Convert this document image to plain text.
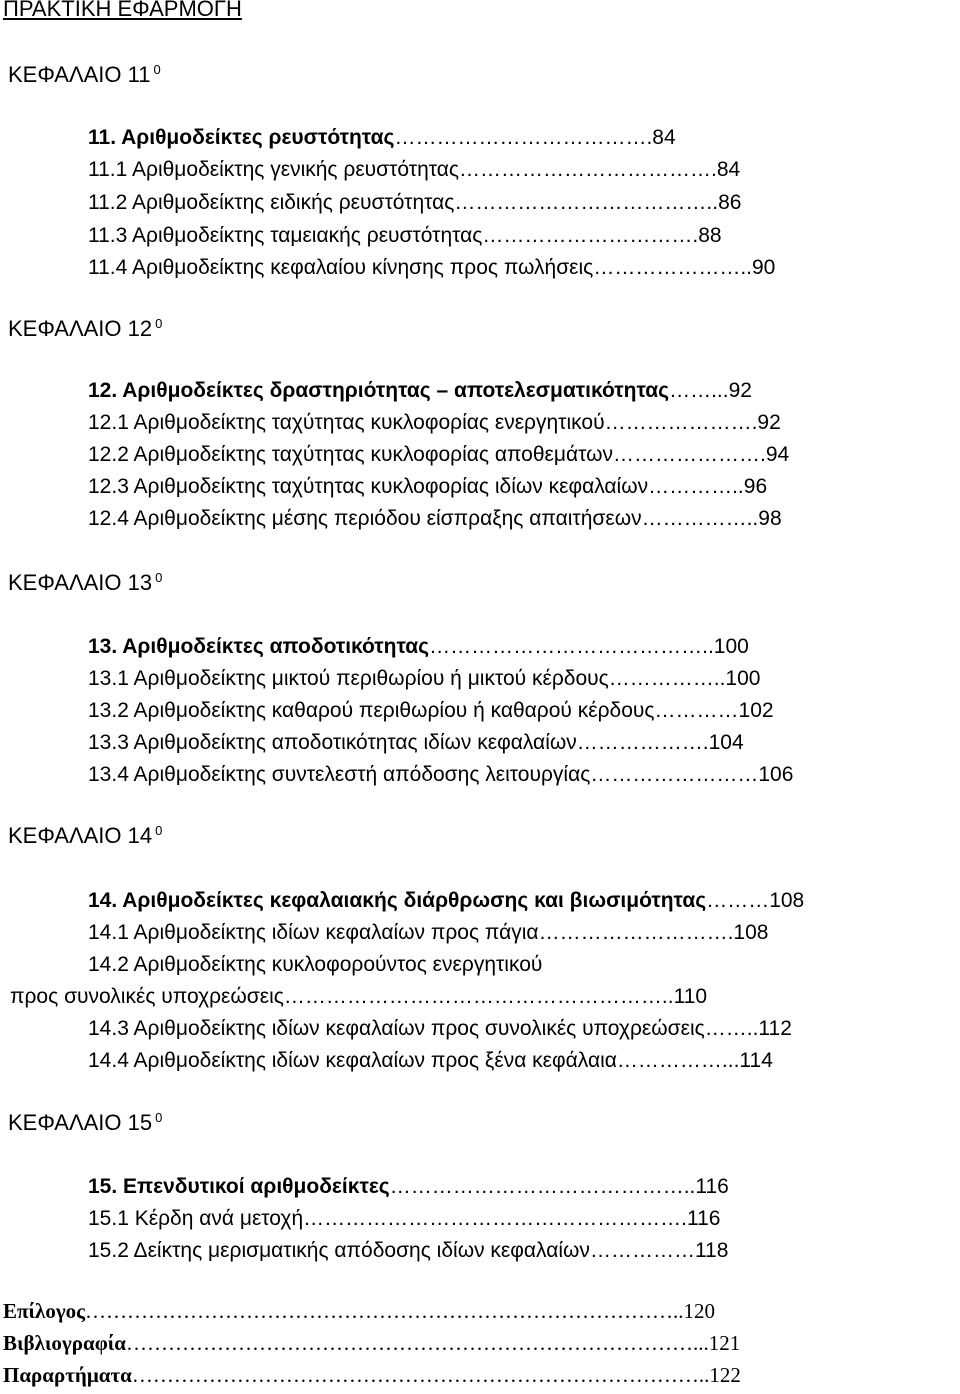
ΠΡΑΚΤΙΚΗ ΕΦΑΡΜΟΓΗ
ΚΕΦΑΛΑΙΟ 11 $^0$
11. Αριθμοδείκτες ρευστότητας……………………………….84
11.1 Αριθμοδείκτης γενικής ρευστότητας……………………………….84
11.2 Αριθμοδείκτης ειδικής ρευστότητας………………………………..86
11.3 Αριθμοδείκτης ταμειακής ρευστότητας………………………….88
11.4 Αριθμοδείκτης κεφαλαίου κίνησης προς πωλήσεις…………………..90
ΚΕΦΑΛΑΙΟ 12 $^0$
12. Αριθμοδείκτες δραστηριότητας – αποτελεσματικότητας……...92
12.1 Αριθμοδείκτης ταχύτητας κυκλοφορίας ενεργητικού………………….92
12.2 Αριθμοδείκτης ταχύτητας κυκλοφορίας αποθεμάτων………………….94
12.3 Αριθμοδείκτης ταχύτητας κυκλοφορίας ιδίων κεφαλαίων…………..96
12.4 Αριθμοδείκτης μέσης περιόδου είσπραξης απαιτήσεων……………..98
ΚΕΦΑΛΑΙΟ 13 $^0$
13. Αριθμοδείκτες αποδοτικότητας…………………………………..100
13.1 Αριθμοδείκτης μικτού περιθωρίου ή μικτού κέρδους……………..100
13.2 Αριθμοδείκτης καθαρού περιθωρίου ή καθαρού κέρδους…………102
13.3 Αριθμοδείκτης αποδοτικότητας ιδίων κεφαλαίων……………….104
13.4 Αριθμοδείκτης συντελεστή απόδοσης λειτουργίας……………………106
ΚΕΦΑΛΑΙΟ 14 $^0$
14. Αριθμοδείκτες κεφαλαιακής διάρθρωσης και βιωσιμότητας………108
14.1 Αριθμοδείκτης ιδίων κεφαλαίων προς πάγια……………………….108
14.2 Αριθμοδείκτης κυκλοφορούντος ενεργητικού
προς συνολικές υποχρεώσεις………………………………………………..110
14.3 Αριθμοδείκτης ιδίων κεφαλαίων προς συνολικές υποχρεώσεις……..112
14.4 Αριθμοδείκτης ιδίων κεφαλαίων προς ξένα κεφάλαια……………...114
ΚΕΦΑΛΑΙΟ 15 $^0$
15. Επενδυτικοί αριθμοδείκτες……………………………………..116
15.1 Κέρδη ανά μετοχή……………………………………………….116
15.2 Δείκτης μερισματικής απόδοσης ιδίων κεφαλαίων……………118
Επίλογος…………………………………………………………………………..120
Βιβλιογραφία………………………………………………………………………...121
Παραρτήματα………………………………………………………………………..122
